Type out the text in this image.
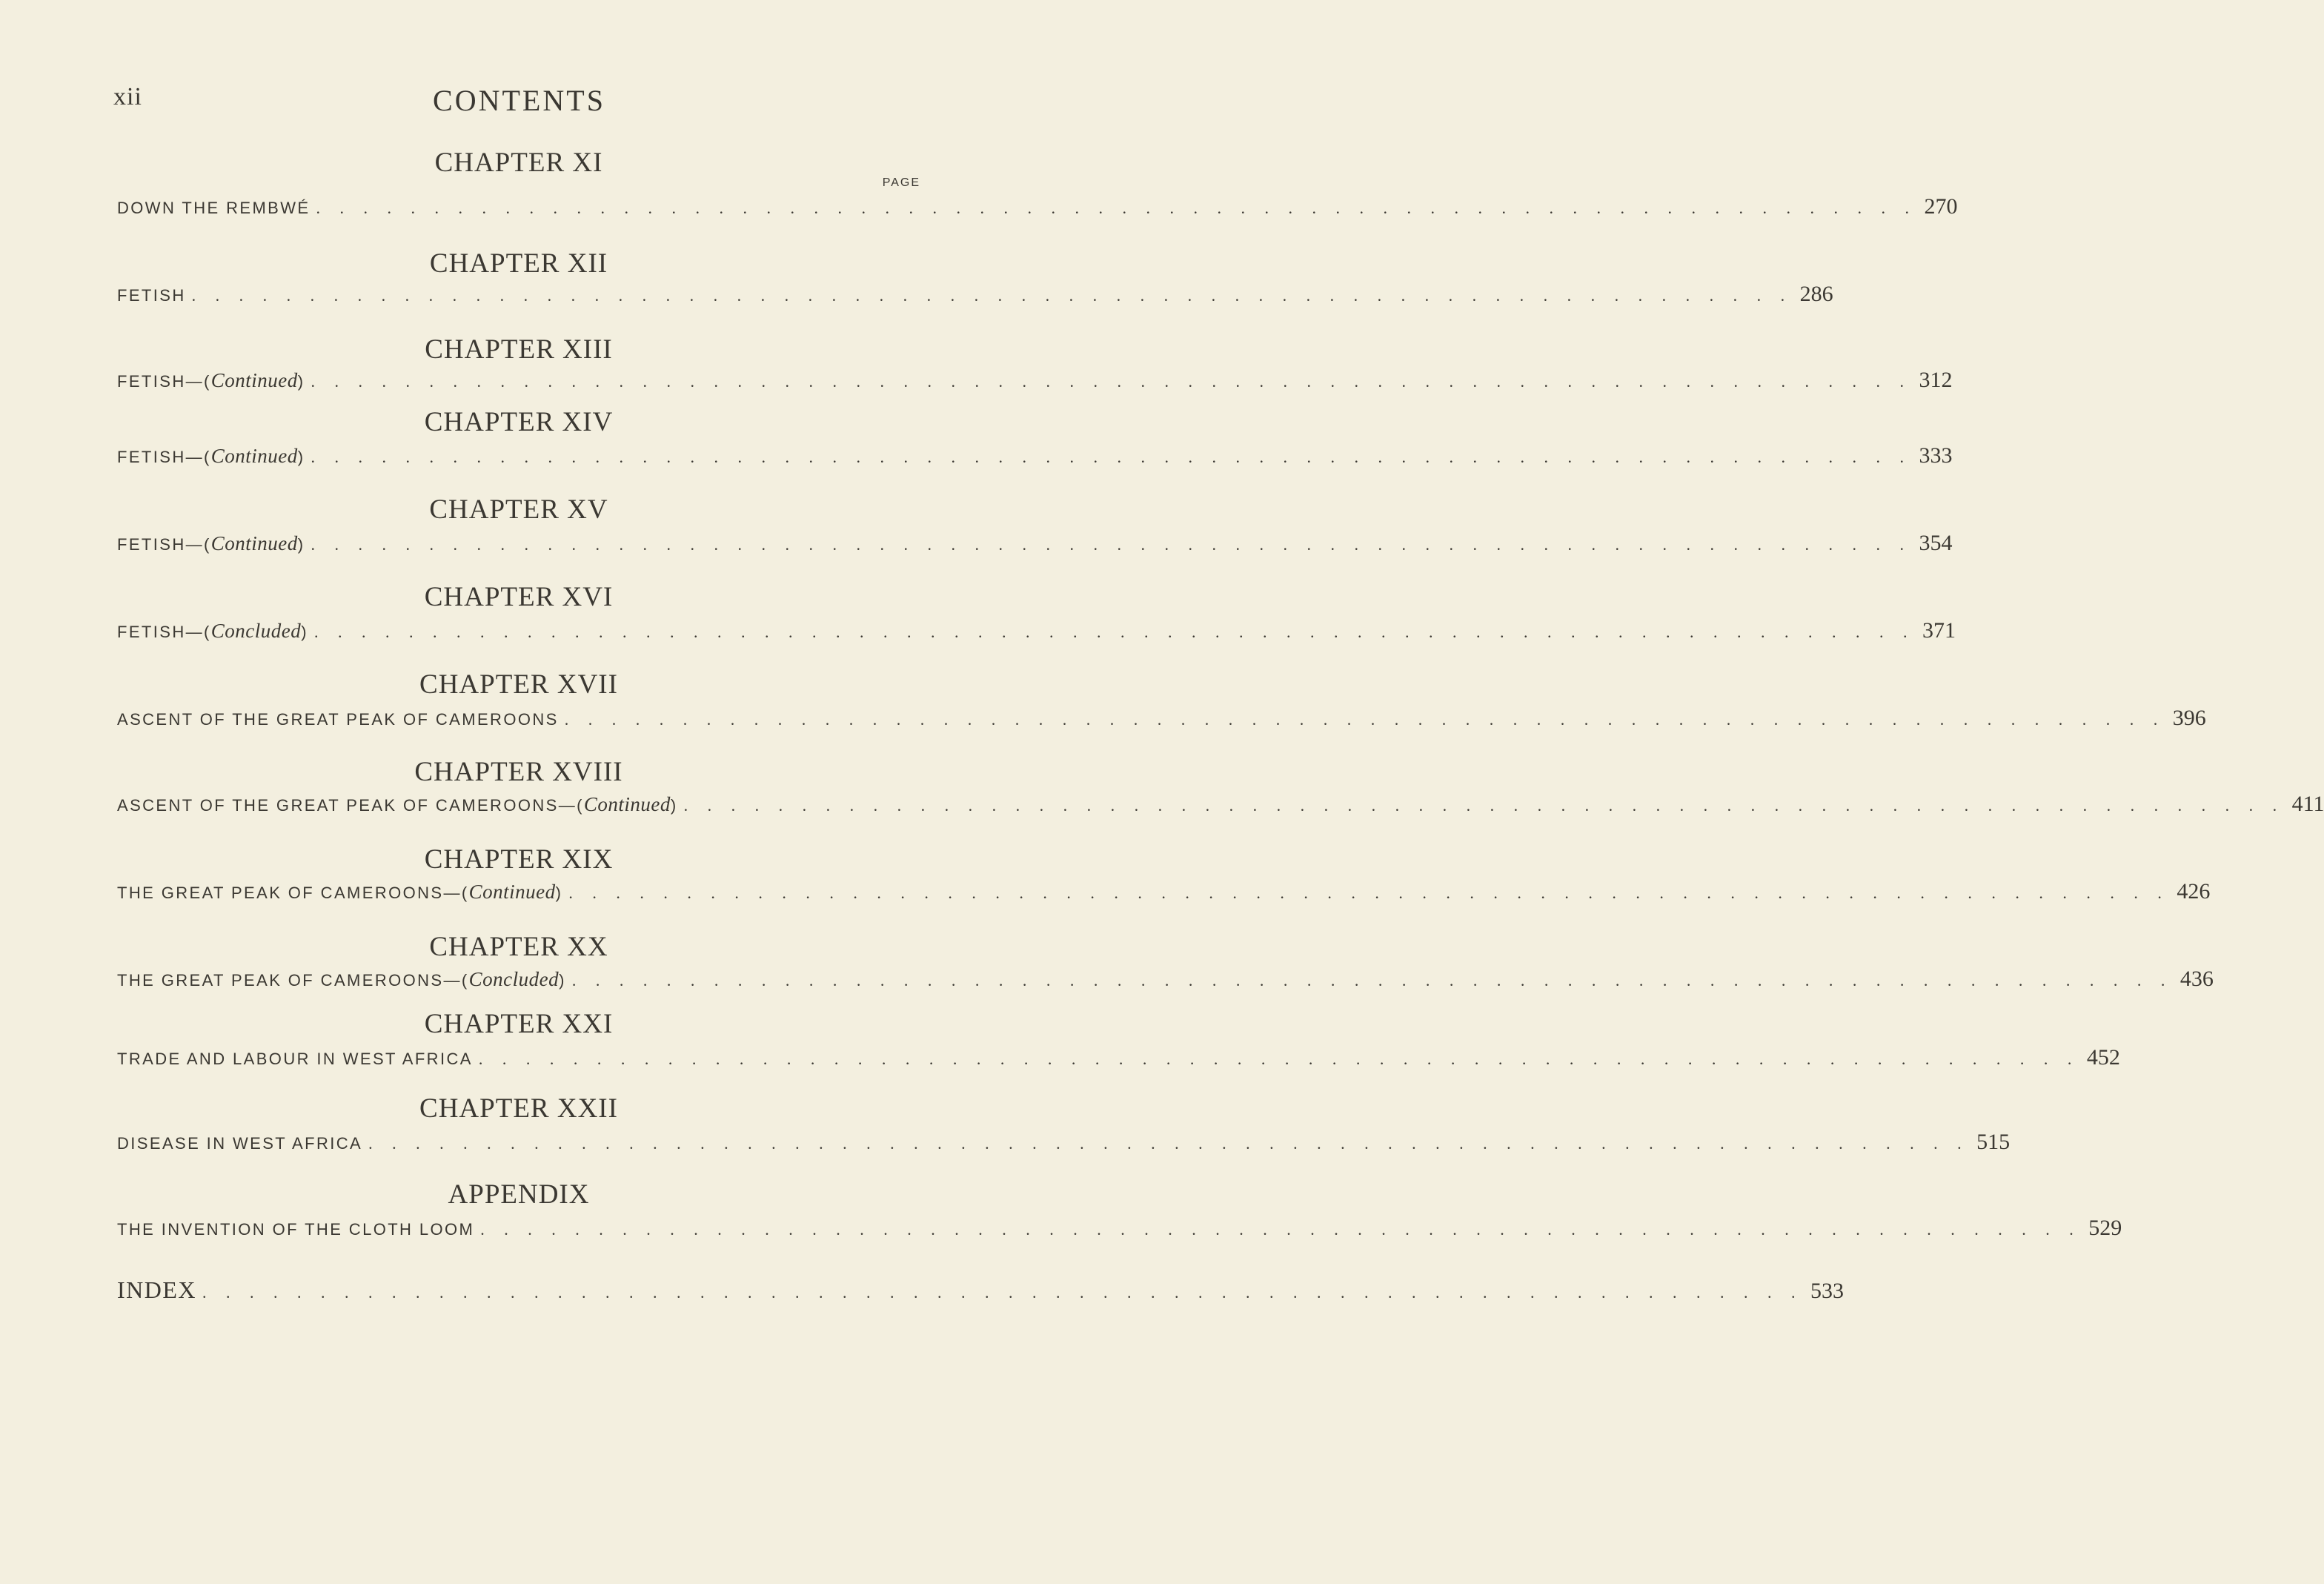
xii	CONTENTS
PAGE
CHAPTER XI
DOWN THE REMBWÉ . . . . . . . . . . . . . . . . . . . . . . . . . . . . . . . . . . . . . . . . . . . . . . . . . . . . . . . . . . . . . . . . . . . . 270
CHAPTER XII
FETISH . . . . . . . . . . . . . . . . . . . . . . . . . . . . . . . . . . . . . . . . . . . . . . . . . . . . . . . . . . . . . . . . . . . . 286
CHAPTER XIII
FETISH—(Continued) . . . . . . . . . . . . . . . . . . . . . . . . . . . . . . . . . . . . . . . . . . . . . . . . . . . . . . . . . . . . . . . . . . . . 312
CHAPTER XIV
FETISH—(Continued) . . . . . . . . . . . . . . . . . . . . . . . . . . . . . . . . . . . . . . . . . . . . . . . . . . . . . . . . . . . . . . . . . . . . 333
CHAPTER XV
FETISH—(Continued) . . . . . . . . . . . . . . . . . . . . . . . . . . . . . . . . . . . . . . . . . . . . . . . . . . . . . . . . . . . . . . . . . . . . 354
CHAPTER XVI
FETISH—(Concluded) . . . . . . . . . . . . . . . . . . . . . . . . . . . . . . . . . . . . . . . . . . . . . . . . . . . . . . . . . . . . . . . . . . . . 371
CHAPTER XVII
ASCENT OF THE GREAT PEAK OF CAMEROONS . . . . . . . . . . . . . . . . . . . . . . . . . . . . . . . . . . . . . . . . . . . . . . . . . . . . . . . . . . . . . . . . . . . . 396
CHAPTER XVIII
ASCENT OF THE GREAT PEAK OF CAMEROONS—(Continued) . . . . . . . . . . . . . . . . . . . . . . . . . . . . . . . . . . . . . . . . . . . . . . . . . . . . . . . . . . . . . . . . . . . . 411
CHAPTER XIX
THE GREAT PEAK OF CAMEROONS—(Continued) . . . . . . . . . . . . . . . . . . . . . . . . . . . . . . . . . . . . . . . . . . . . . . . . . . . . . . . . . . . . . . . . . . . . 426
CHAPTER XX
THE GREAT PEAK OF CAMEROONS—(Concluded) . . . . . . . . . . . . . . . . . . . . . . . . . . . . . . . . . . . . . . . . . . . . . . . . . . . . . . . . . . . . . . . . . . . . 436
CHAPTER XXI
TRADE AND LABOUR IN WEST AFRICA . . . . . . . . . . . . . . . . . . . . . . . . . . . . . . . . . . . . . . . . . . . . . . . . . . . . . . . . . . . . . . . . . . . . 452
CHAPTER XXII
DISEASE IN WEST AFRICA . . . . . . . . . . . . . . . . . . . . . . . . . . . . . . . . . . . . . . . . . . . . . . . . . . . . . . . . . . . . . . . . . . . . 515
APPENDIX
THE INVENTION OF THE CLOTH LOOM . . . . . . . . . . . . . . . . . . . . . . . . . . . . . . . . . . . . . . . . . . . . . . . . . . . . . . . . . . . . . . . . . . . . 529
INDEX . . . . . . . . . . . . . . . . . . . . . . . . . . . . . . . . . . . . . . . . . . . . . . . . . . . . . . . . . . . . . . . . . . . . 533
